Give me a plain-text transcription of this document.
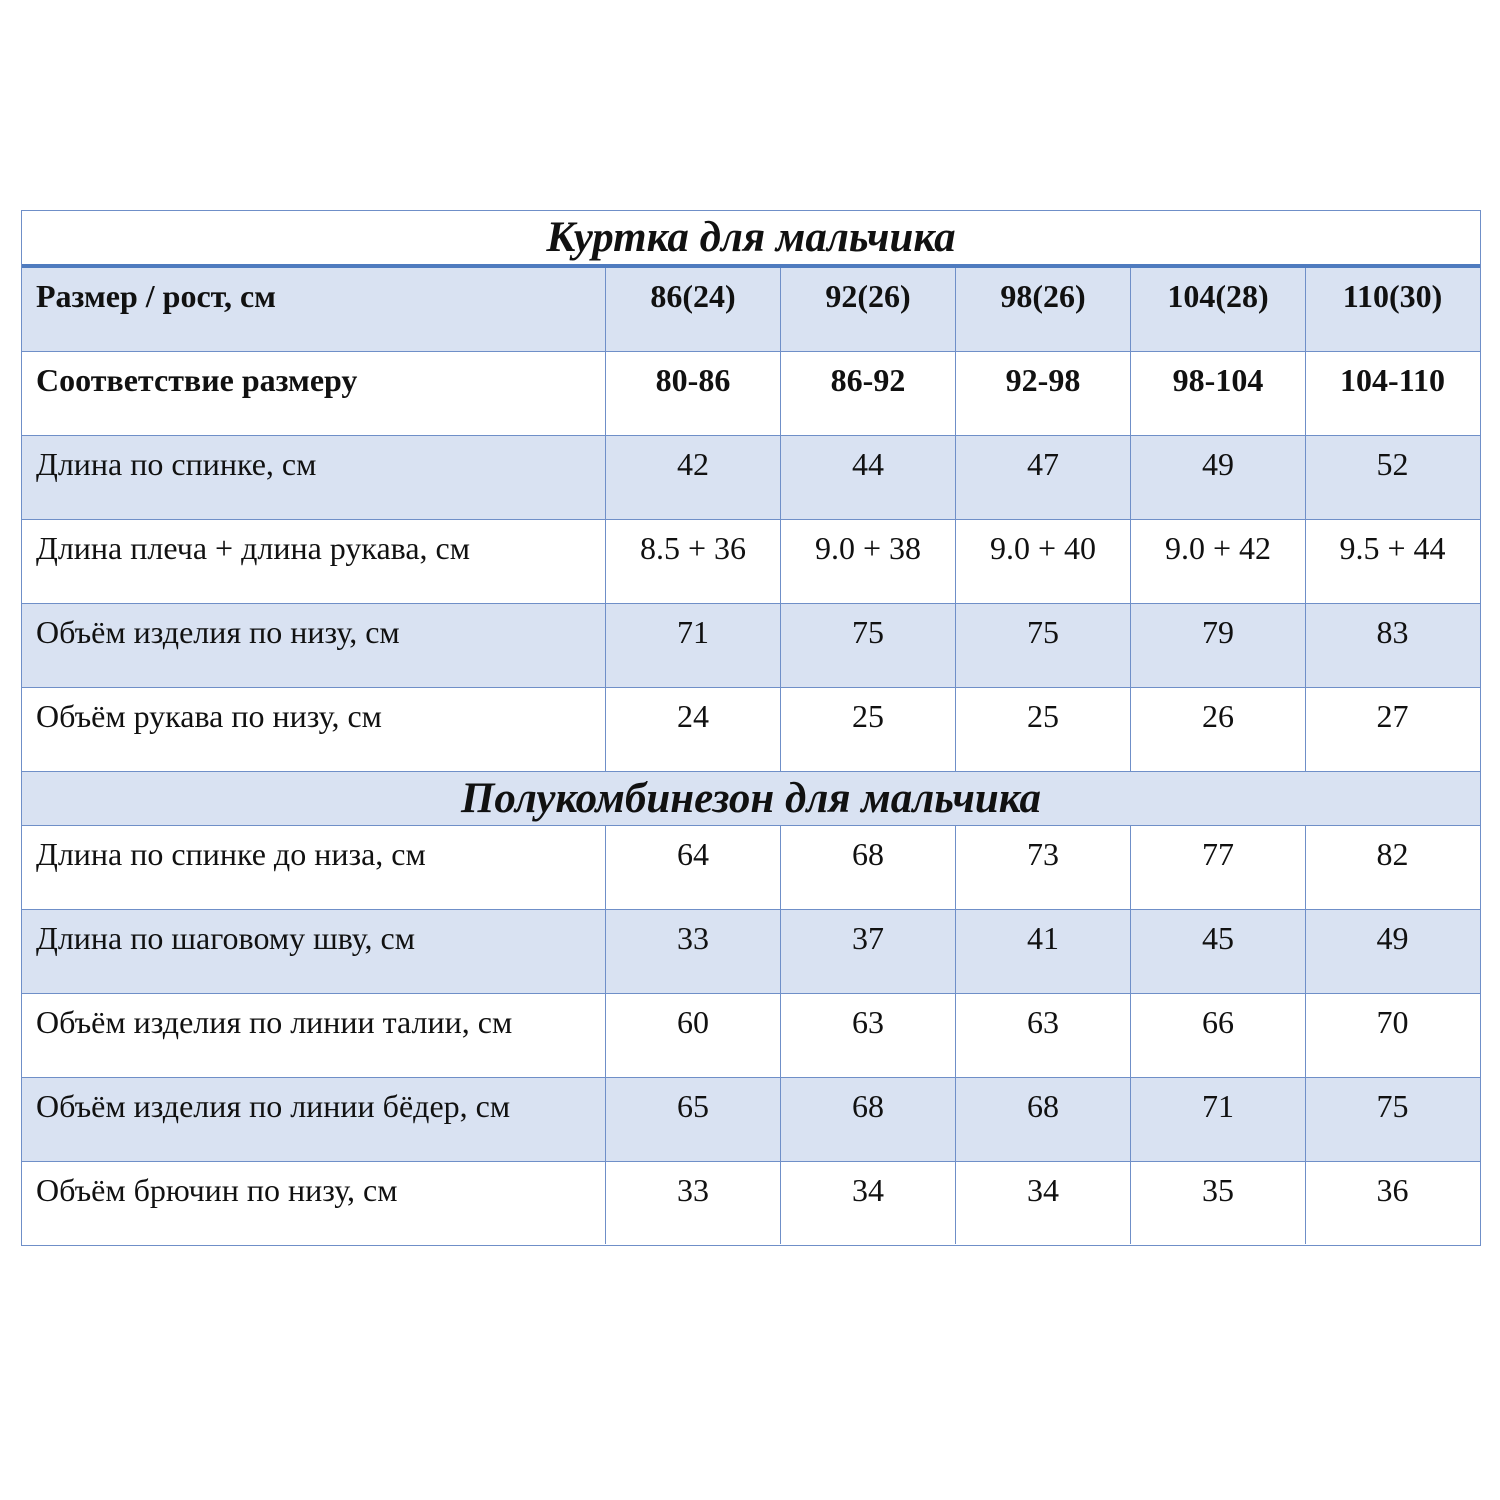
Куртка для мальчика
Размер / рост, см	86(24)	92(26)	98(26)	104(28)	110(30)
Соответствие размеру	80-86	86-92	92-98	98-104	104-110
Длина по спинке, см	42	44	47	49	52
Длина плеча + длина рукава, см	8.5 + 36	9.0 + 38	9.0 + 40	9.0 + 42	9.5 + 44
Объём изделия по низу, см	71	75	75	79	83
Объём рукава по низу, см	24	25	25	26	27
Полукомбинезон для мальчика
Длина по спинке до низа, см	64	68	73	77	82
Длина по шаговому шву, см	33	37	41	45	49
Объём изделия по линии талии, см	60	63	63	66	70
Объём изделия по линии бёдер, см	65	68	68	71	75
Объём брючин по низу, см	33	34	34	35	36
